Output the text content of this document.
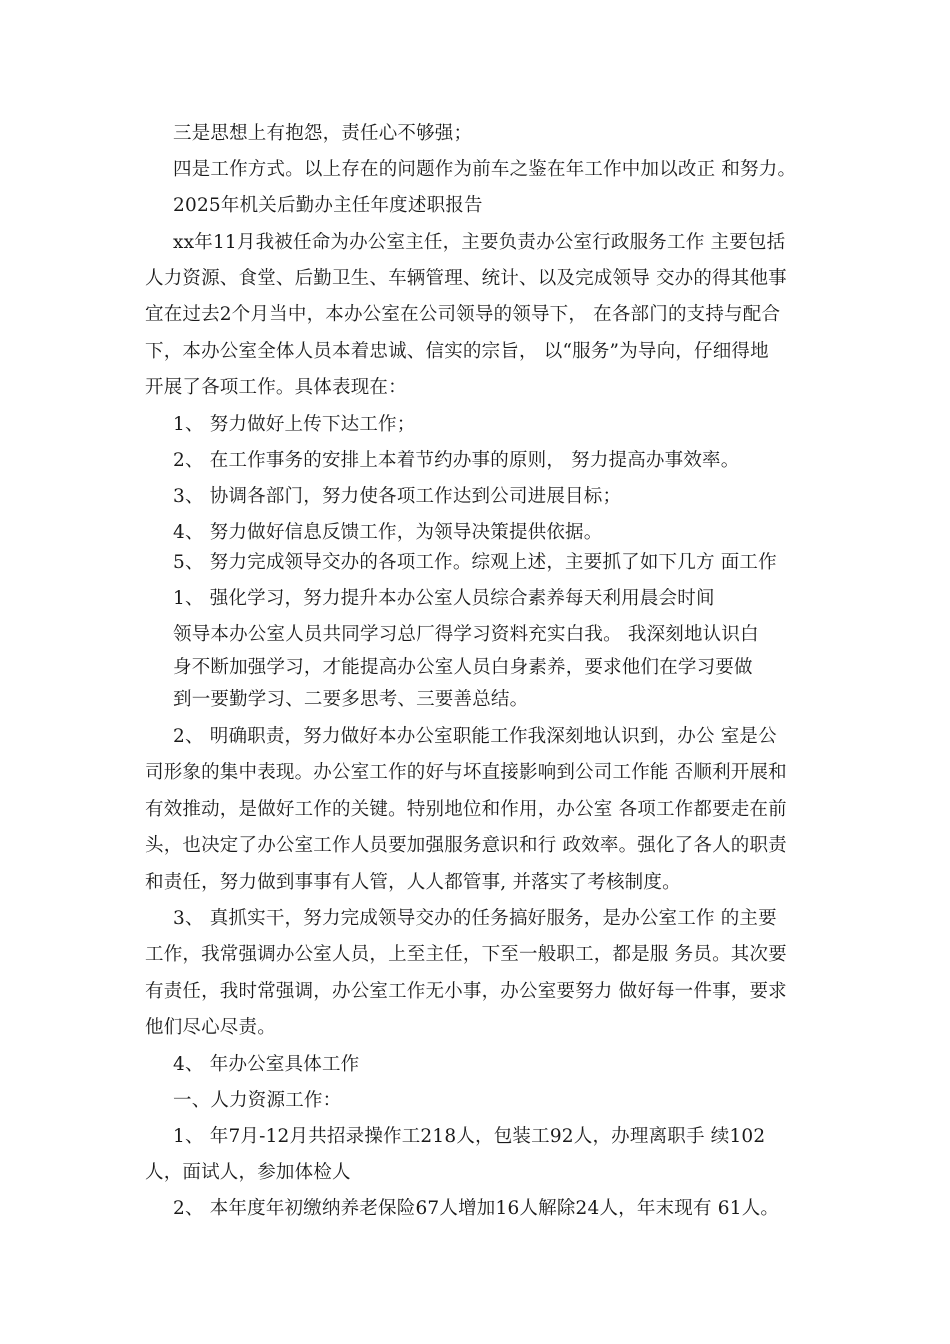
三是思想上有抱怨，责任心不够强；
四是工作方式。以上存在的问题作为前车之鉴在年工作中加以改正 和努力。
2025年机关后勤办主任年度述职报告
xx年11月我被任命为办公室主任，主要负责办公室行政服务工作 主要包括
人力资源、食堂、后勤卫生、车辆管理、统计、以及完成领导 交办的得其他事
宜在过去2个月当中，本办公室在公司领导的领导下， 在各部门的支持与配合
下，本办公室全体人员本着忠诚、信实的宗旨， 以“服务”为导向，仔细得地
开展了各项工作。具体表现在：
1、 努力做好上传下达工作；
2、 在工作事务的安排上本着节约办事的原则， 努力提高办事效率。
3、 协调各部门，努力使各项工作达到公司进展目标；
4、 努力做好信息反馈工作，为领导决策提供依据。
5、 努力完成领导交办的各项工作。综观上述，主要抓了如下几方 面工作
1、 强化学习，努力提升本办公室人员综合素养每天利用晨会时间
领导本办公室人员共同学习总厂得学习资料充实白我。 我深刻地认识白
身不断加强学习，才能提高办公室人员白身素养，要求他们在学习要做
到一要勤学习、二要多思考、三要善总结。
2、 明确职责，努力做好本办公室职能工作我深刻地认识到，办公 室是公
司形象的集中表现。办公室工作的好与坏直接影响到公司工作能 否顺利开展和
有效推动，是做好工作的关键。特别地位和作用，办公室 各项工作都要走在前
头，也决定了办公室工作人员要加强服务意识和行 政效率。强化了各人的职责
和责任，努力做到事事有人管，人人都管事, 并落实了考核制度。
3、 真抓实干，努力完成领导交办的任务搞好服务，是办公室工作 的主要
工作，我常强调办公室人员，上至主任，下至一般职工，都是服 务员。其次要
有责任，我时常强调，办公室工作无小事，办公室要努力 做好每一件事，要求
他们尽心尽责。
4、 年办公室具体工作
一、人力资源工作：
1、 年7月-12月共招录操作工218人，包装工92人，办理离职手 续102
人，面试人，参加体检人
2、 本年度年初缴纳养老保险67人增加16人解除24人，年末现有 61人。
